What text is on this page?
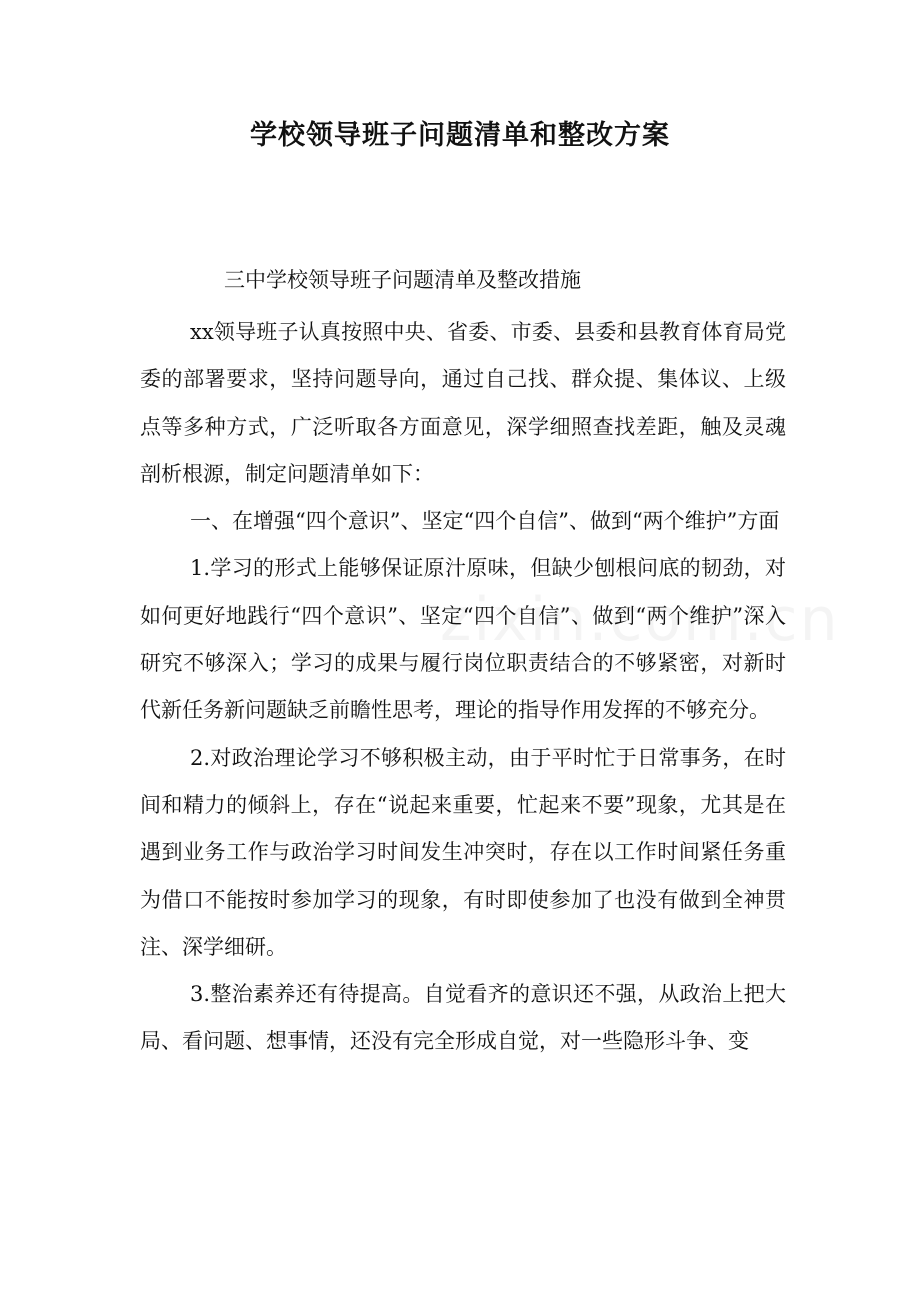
学校领导班子问题清单和整改方案

三中学校领导班子问题清单及整改措施

xx领导班子认真按照中央、省委、市委、县委和县教育体育局党委的部署要求，坚持问题导向，通过自己找、群众提、集体议、上级点等多种方式，广泛听取各方面意见，深学细照查找差距，触及灵魂剖析根源，制定问题清单如下：

一、在增强“四个意识”、坚定“四个自信”、做到“两个维护”方面

1.学习的形式上能够保证原汁原味，但缺少刨根问底的韧劲，对如何更好地践行“四个意识”、坚定“四个自信”、做到“两个维护”深入研究不够深入；学习的成果与履行岗位职责结合的不够紧密，对新时代新任务新问题缺乏前瞻性思考，理论的指导作用发挥的不够充分。

2.对政治理论学习不够积极主动，由于平时忙于日常事务，在时间和精力的倾斜上，存在“说起来重要，忙起来不要”现象，尤其是在遇到业务工作与政治学习时间发生冲突时，存在以工作时间紧任务重为借口不能按时参加学习的现象，有时即使参加了也没有做到全神贯注、深学细研。

3.整治素养还有待提高。自觉看齐的意识还不强，从政治上把大局、看问题、想事情，还没有完全形成自觉，对一些隐形斗争、变
